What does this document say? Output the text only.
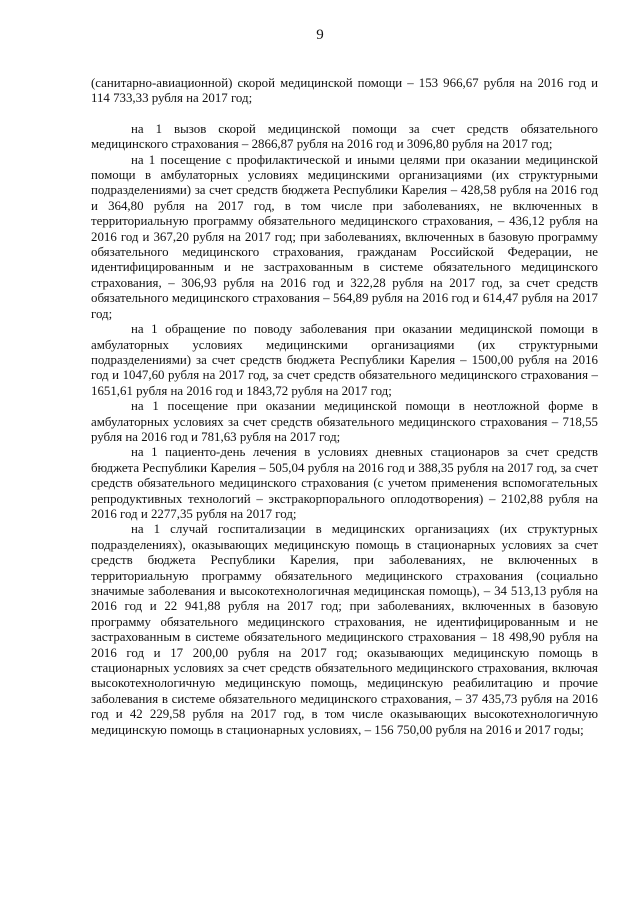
9

(санитарно-авиационной) скорой медицинской помощи – 153 966,67 рубля на 2016 год и 114 733,33 рубля на 2017 год;

на 1 вызов скорой медицинской помощи за счет средств обязательного медицинского страхования – 2866,87 рубля на 2016 год и 3096,80 рубля на 2017 год;

на 1 посещение с профилактической и иными целями при оказании медицинской помощи в амбулаторных условиях медицинскими организациями (их структурными подразделениями) за счет средств бюджета Республики Карелия – 428,58 рубля на 2016 год и 364,80 рубля на 2017 год, в том числе при заболеваниях, не включенных в территориальную программу обязательного медицинского страхования, – 436,12 рубля на 2016 год и 367,20 рубля на 2017 год; при заболеваниях, включенных в базовую программу обязательного медицинского страхования, гражданам Российской Федерации, не идентифицированным и не застрахованным в системе обязательного медицинского страхования, – 306,93 рубля на 2016 год и 322,28 рубля на 2017 год, за счет средств обязательного медицинского страхования – 564,89 рубля на 2016 год и 614,47 рубля на 2017 год;

на 1 обращение по поводу заболевания при оказании медицинской помощи в амбулаторных условиях медицинскими организациями (их структурными подразделениями) за счет средств бюджета Республики Карелия – 1500,00 рубля на 2016 год и 1047,60 рубля на 2017 год, за счет средств обязательного медицинского страхования – 1651,61 рубля на 2016 год и 1843,72 рубля на 2017 год;

на 1 посещение при оказании медицинской помощи в неотложной форме в амбулаторных условиях за счет средств обязательного медицинского страхования – 718,55 рубля на 2016 год и 781,63 рубля на 2017 год;

на 1 пациенто-день лечения в условиях дневных стационаров за счет средств бюджета Республики Карелия – 505,04 рубля на 2016 год и 388,35 рубля на 2017 год, за счет средств обязательного медицинского страхования (с учетом применения вспомогательных репродуктивных технологий – экстракорпорального оплодотворения) – 2102,88 рубля на 2016 год и 2277,35 рубля на 2017 год;

на 1 случай госпитализации в медицинских организациях (их структурных подразделениях), оказывающих медицинскую помощь в стационарных условиях за счет средств бюджета Республики Карелия, при заболеваниях, не включенных в территориальную программу обязательного медицинского страхования (социально значимые заболевания и высокотехнологичная медицинская помощь), – 34 513,13 рубля на 2016 год и 22 941,88 рубля на 2017 год; при заболеваниях, включенных в базовую программу обязательного медицинского страхования, не идентифицированным и не застрахованным в системе обязательного медицинского страхования – 18 498,90 рубля на 2016 год и 17 200,00 рубля на 2017 год; оказывающих медицинскую помощь в стационарных условиях за счет средств обязательного медицинского страхования, включая высокотехнологичную медицинскую помощь, медицинскую реабилитацию и прочие заболевания в системе обязательного медицинского страхования, – 37 435,73 рубля на 2016 год и 42 229,58 рубля на 2017 год, в том числе оказывающих высокотехнологичную медицинскую помощь в стационарных условиях, – 156 750,00 рубля на 2016 и 2017 годы;
